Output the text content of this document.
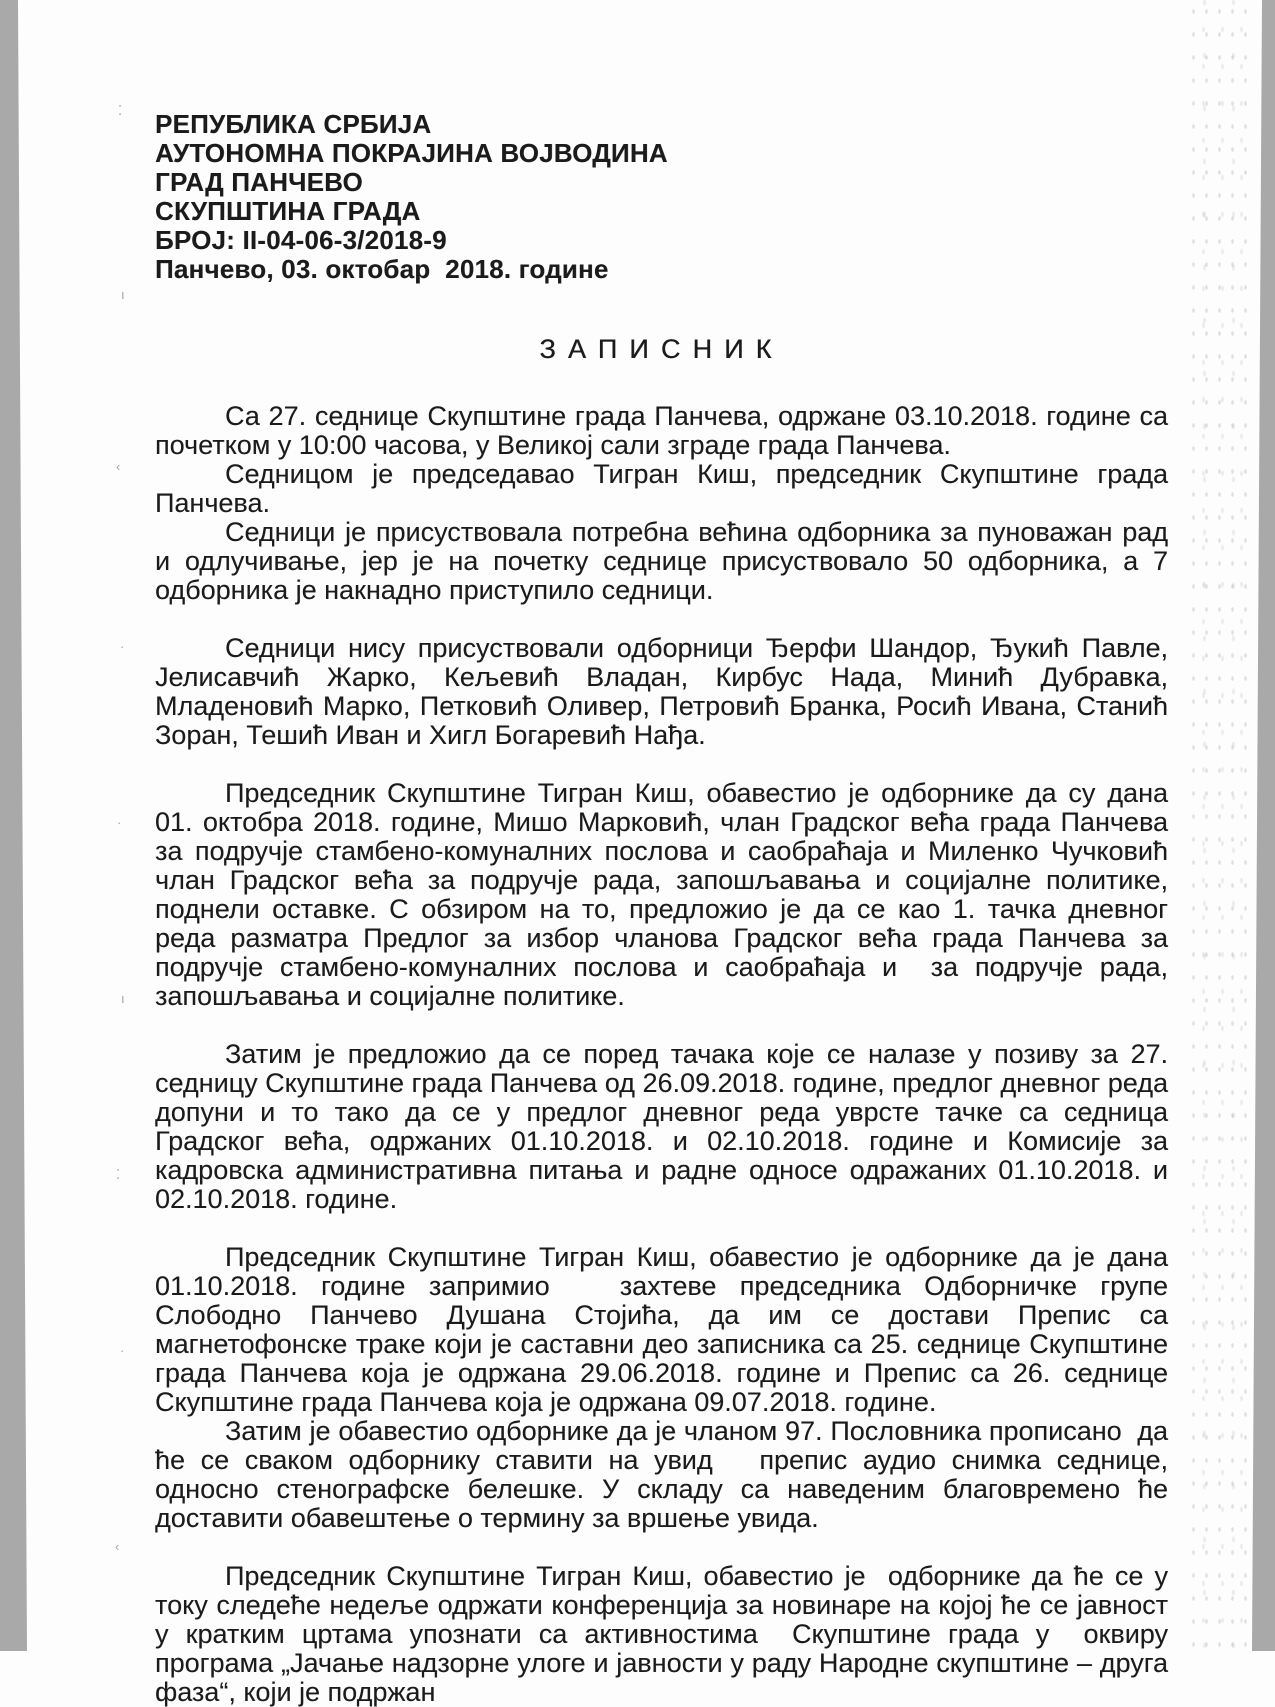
⁚
ı
‹
·
·
ı
⁚
·
‹
РЕПУБЛИКА СРБИЈА
АУТОНОМНА ПОКРАЈИНА ВОЈВОДИНА
ГРАД ПАНЧЕВО
СКУПШТИНА ГРАДА
БРОЈ: II-04-06-3/2018-9
Панчево, 03. октобар  2018. године
ЗАПИСНИК

Са 27. седнице Скупштине града Панчева, одржане 03.10.2018. године са почетком у 10:00 часова, у Великој сали зграде града Панчева.

Седницом је председавао Тигран Киш, председник Скупштине града Панчева.

Седници је присуствовала потребна већина одборника за пуноважан рад и одлучивање, јер је на почетку седнице присуствовало 50 одборника, а 7 одборника је накнадно приступило седници.

Седници нису присуствовали одборници Ђерфи Шандор, Ђукић Павле, Јелисавчић Жарко, Кељевић Владан, Кирбус Нада, Минић Дубравка, Младеновић Марко, Петковић Оливер, Петровић Бранка, Росић Ивана, Станић Зоран, Тешић Иван и Хигл Богаревић Нађа.

Председник Скупштине Тигран Киш, обавестио је одборнике да су дана 01. октобра 2018. године, Мишо Марковић, члан Градског већа града Панчева за подручје стамбено-комуналних послова и саобраћаја и Миленко Чучковић члан Градског већа за подручје рада, запошљавања и социјалне политике, поднели оставке. С обзиром на то, предложио је да се као 1. тачка дневног реда разматра Предлог за избор чланова Градског већа града Панчева за подручје стамбено-комуналних послова и саобраћаја и  за подручје рада, запошљавања и социјалне политике.

Затим је предложио да се поред тачака које се налазе у позиву за 27. седницу Скупштине града Панчева од 26.09.2018. године, предлог дневног реда допуни и то тако да се у предлог дневног реда уврсте тачке са седница Градског већа, одржаних 01.10.2018. и 02.10.2018. године и Комисије за кадровска административна питања и радне односе одражаних 01.10.2018. и 02.10.2018. године.

Председник Скупштине Тигран Киш, обавестио је одборнике да је дана 01.10.2018. године запримио   захтеве председника Одборничке групе Слободно Панчево Душана Стојића, да им се достави Препис са магнетофонске траке који је саставни део записника са 25. седнице Скупштине града Панчева која је одржана 29.06.2018. године и Препис са 26. седнице Скупштине града Панчева која је одржана 09.07.2018. године.

Затим је обавестио одборнике да је чланом 97. Пословника прописано  да ће се сваком одборнику ставити на увид   препис аудио снимка седнице, односно стенографске белешке. У складу са наведеним благовремено ће доставити обавештење о термину за вршење увида.

Председник Скупштине Тигран Киш, обавестио је  одборнике да ће се у току следеће недеље одржати конференција за новинаре на којој ће се јавност у кратким цртама упознати са активностима  Скупштине града у  оквиру програма „Јачање надзорне улоге и јавности у раду Народне скупштине – друга фаза“, који је подржан
